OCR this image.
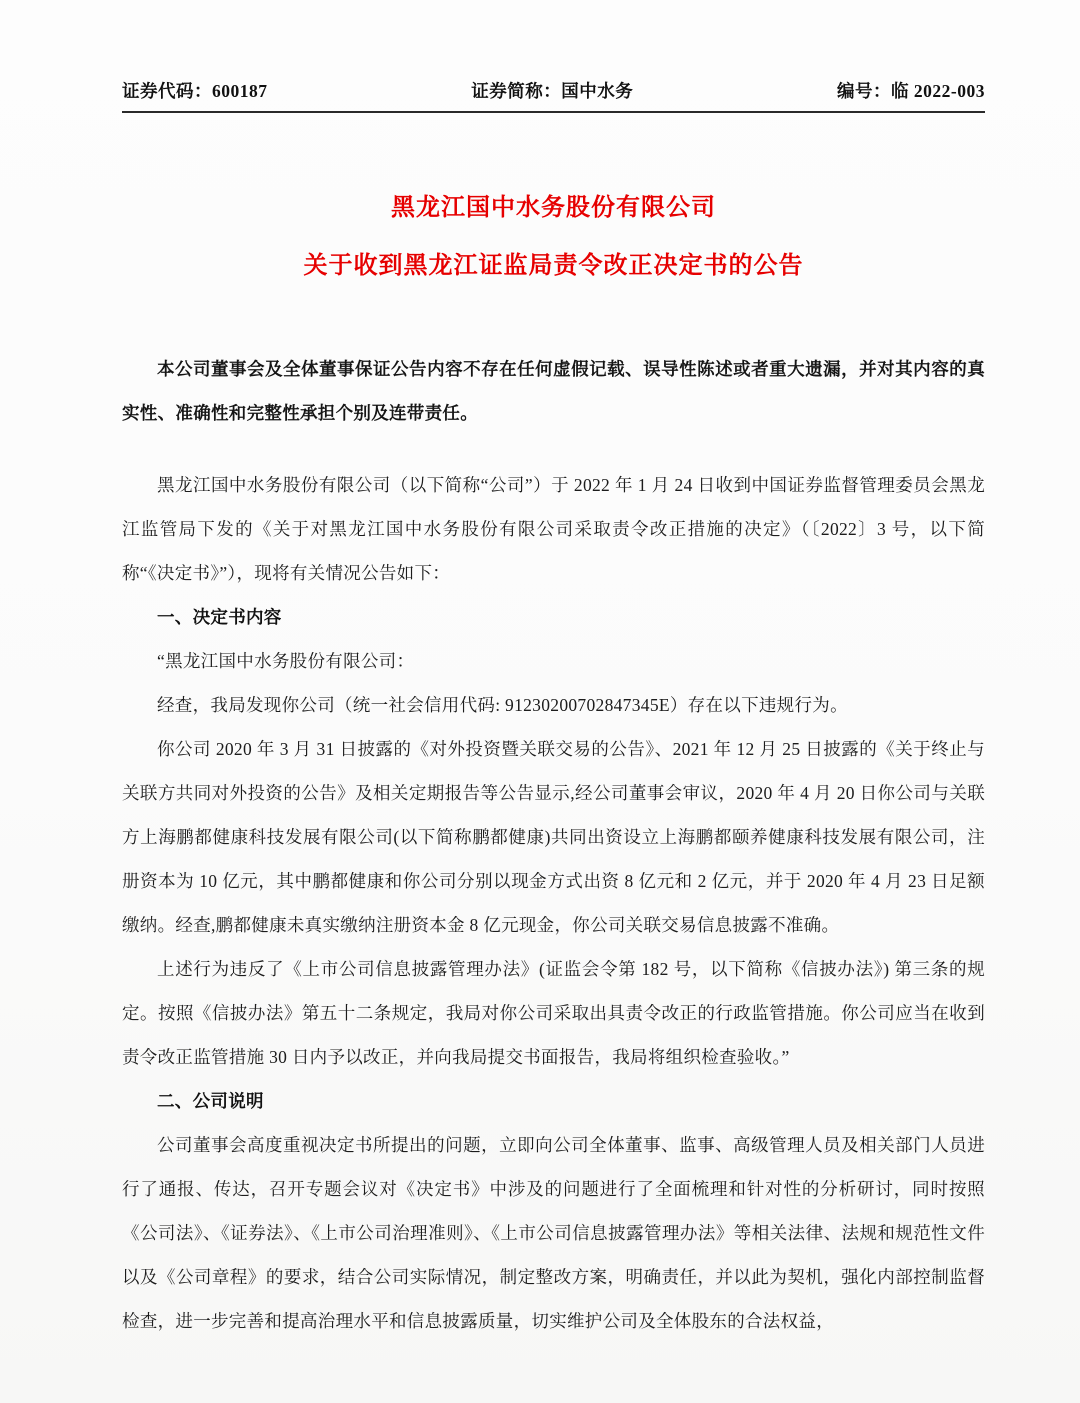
证券代码：600187	证券简称：国中水务	编号：临 2022-003
黑龙江国中水务股份有限公司
关于收到黑龙江证监局责令改正决定书的公告

本公司董事会及全体董事保证公告内容不存在任何虚假记载、误导性陈述或者重大遗漏，并对其内容的真实性、准确性和完整性承担个别及连带责任。

黑龙江国中水务股份有限公司（以下简称“公司”）于 2022 年 1 月 24 日收到中国证券监督管理委员会黑龙江监管局下发的《关于对黑龙江国中水务股份有限公司采取责令改正措施的决定》（〔2022〕3 号，以下简称“《决定书》”），现将有关情况公告如下：

一、决定书内容

“黑龙江国中水务股份有限公司：

经查，我局发现你公司（统一社会信用代码: 91230200702847345E）存在以下违规行为。

你公司 2020 年 3 月 31 日披露的《对外投资暨关联交易的公告》、2021 年 12 月 25 日披露的《关于终止与关联方共同对外投资的公告》及相关定期报告等公告显示,经公司董事会审议，2020 年 4 月 20 日你公司与关联方上海鹏都健康科技发展有限公司(以下简称鹏都健康)共同出资设立上海鹏都颐养健康科技发展有限公司，注册资本为 10 亿元，其中鹏都健康和你公司分别以现金方式出资 8 亿元和 2 亿元，并于 2020 年 4 月 23 日足额缴纳。经查,鹏都健康未真实缴纳注册资本金 8 亿元现金，你公司关联交易信息披露不准确。

上述行为违反了《上市公司信息披露管理办法》(证监会令第 182 号，以下简称《信披办法》) 第三条的规定。按照《信披办法》第五十二条规定，我局对你公司采取出具责令改正的行政监管措施。你公司应当在收到责令改正监管措施 30 日内予以改正，并向我局提交书面报告，我局将组织检查验收。”

二、公司说明

公司董事会高度重视决定书所提出的问题，立即向公司全体董事、监事、高级管理人员及相关部门人员进行了通报、传达，召开专题会议对《决定书》中涉及的问题进行了全面梳理和针对性的分析研讨，同时按照《公司法》、《证券法》、《上市公司治理准则》、《上市公司信息披露管理办法》等相关法律、法规和规范性文件以及《公司章程》的要求，结合公司实际情况，制定整改方案，明确责任，并以此为契机，强化内部控制监督检查，进一步完善和提高治理水平和信息披露质量，切实维护公司及全体股东的合法权益，
